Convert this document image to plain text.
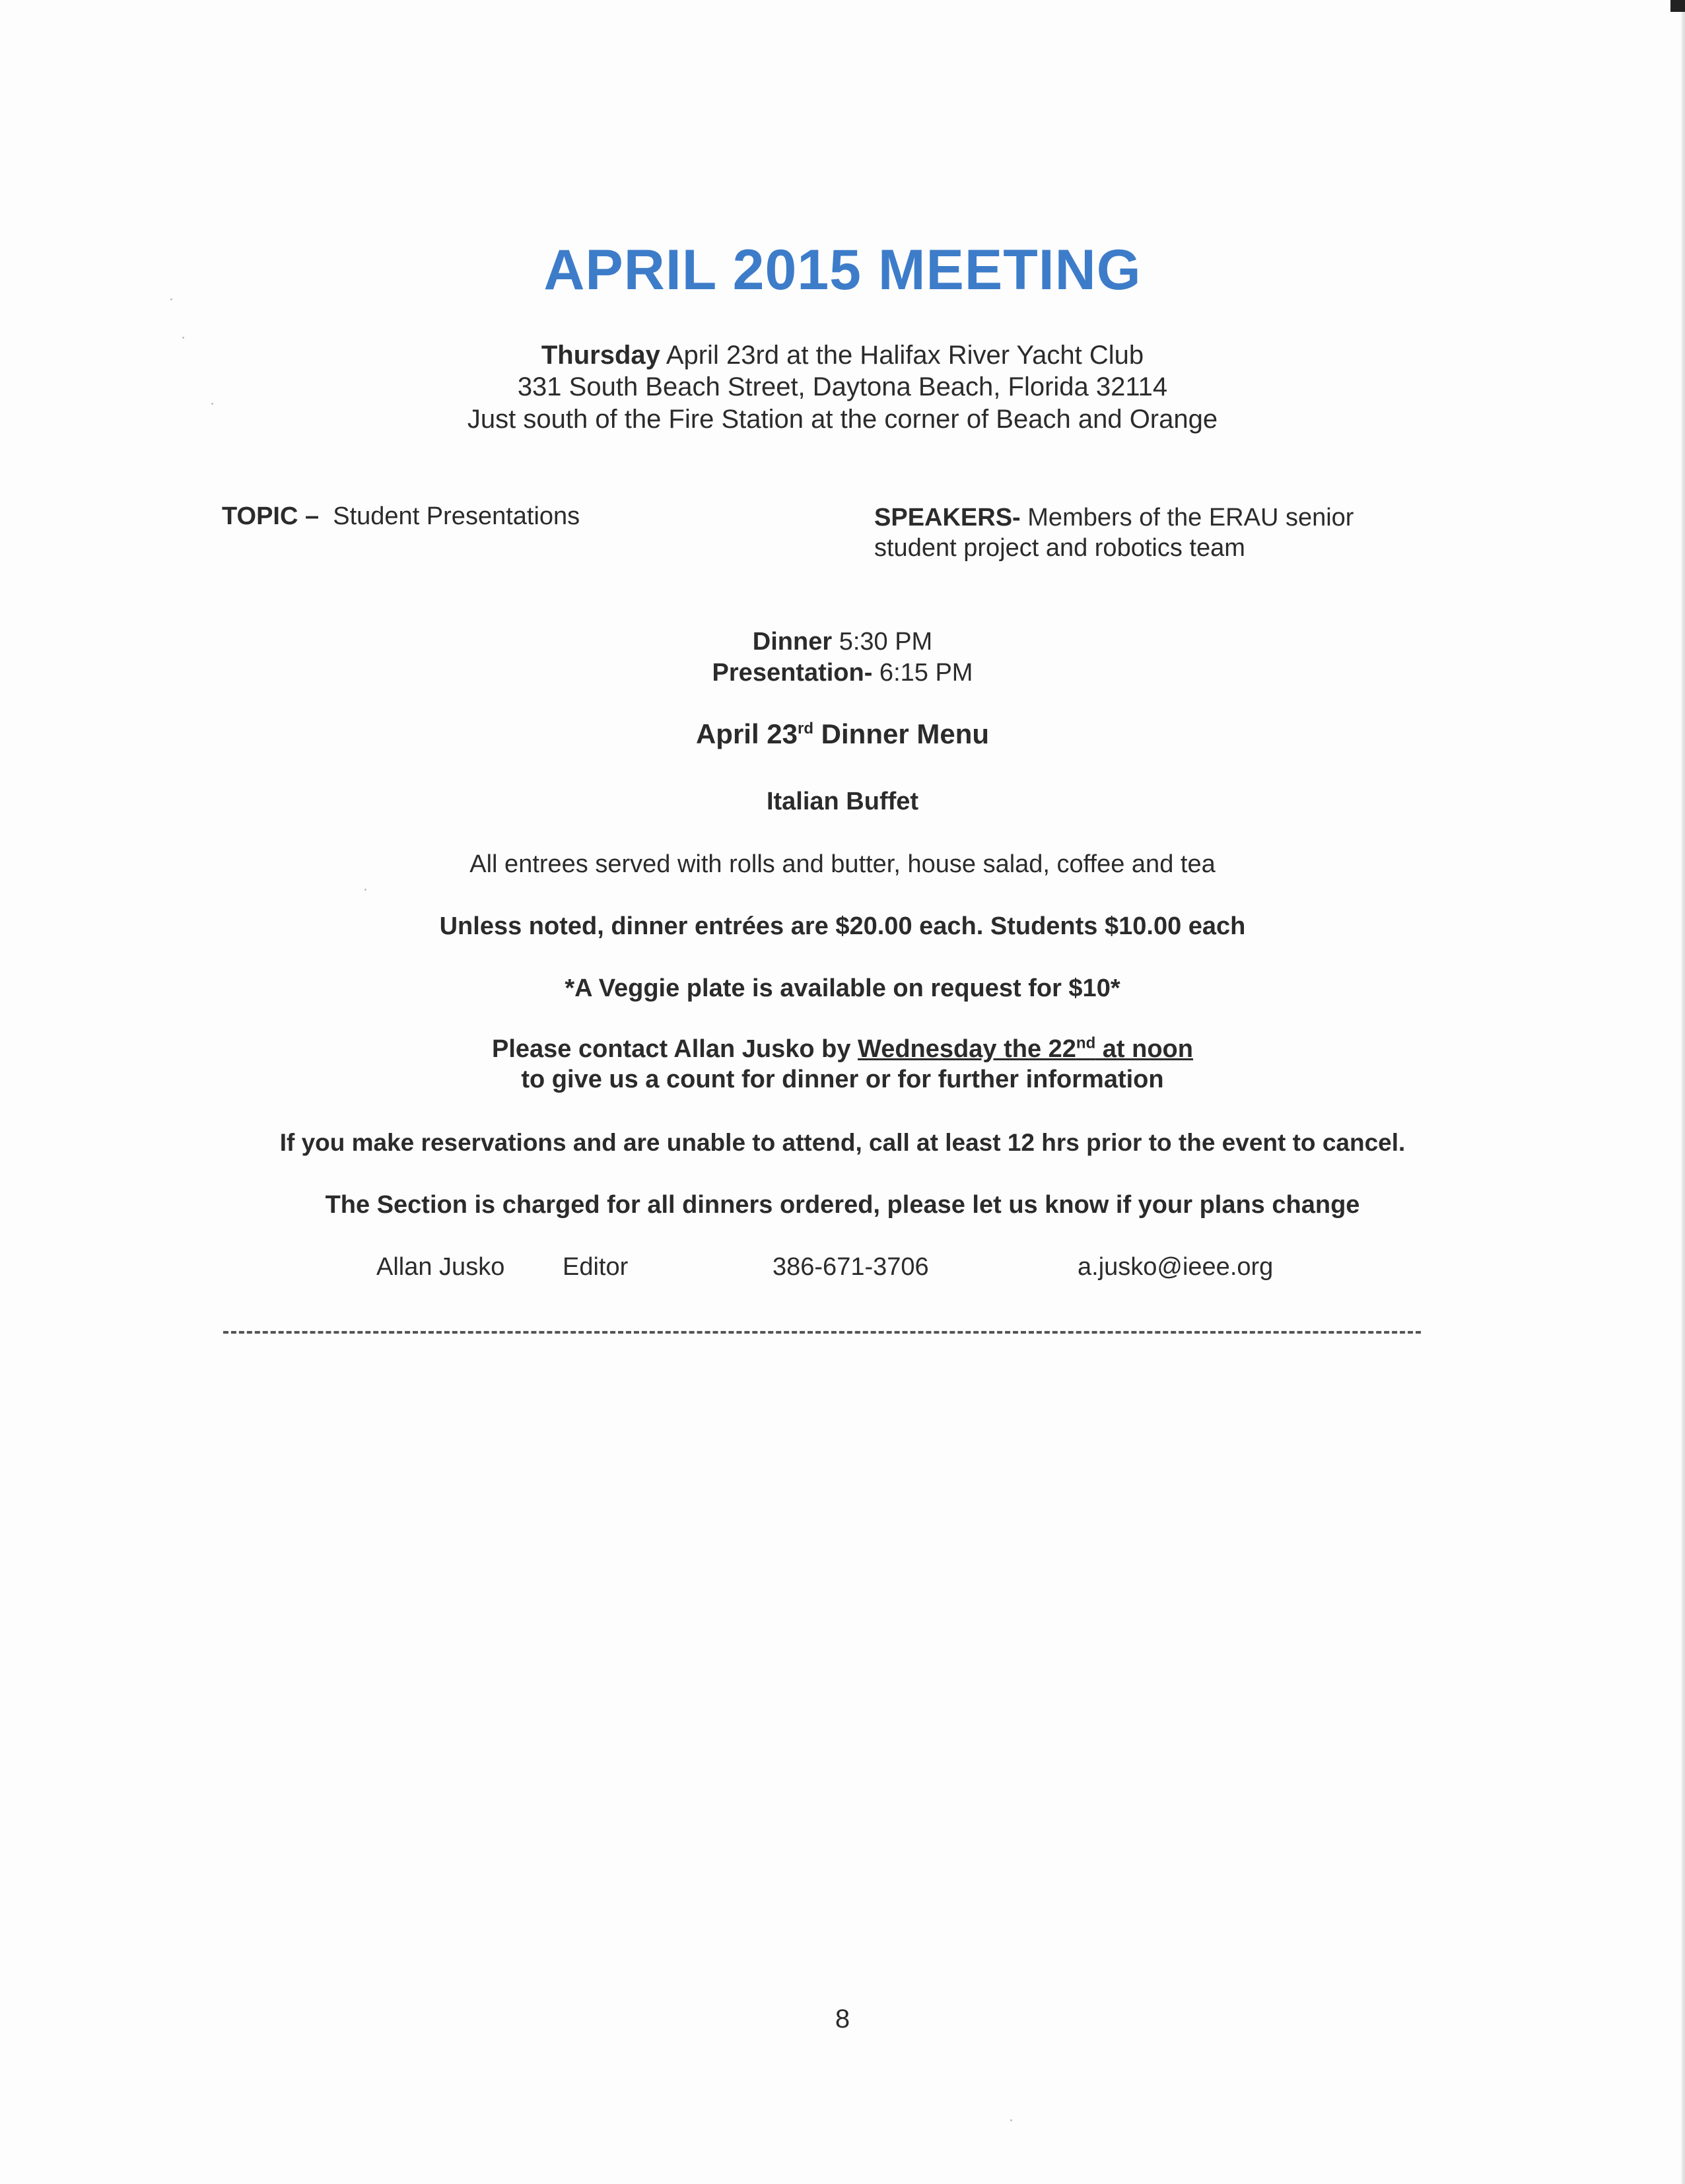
APRIL 2015 MEETING
Thursday April 23rd at the Halifax River Yacht Club
331 South Beach Street, Daytona Beach, Florida 32114
Just south of the Fire Station at the corner of Beach and Orange
TOPIC – Student Presentations	SPEAKERS- Members of the ERAU senior
student project and robotics team
Dinner 5:30 PM
Presentation- 6:15 PM
April 23rd Dinner Menu
Italian Buffet
All entrees served with rolls and butter, house salad, coffee and tea
Unless noted, dinner entrées are $20.00 each. Students $10.00 each
*A Veggie plate is available on request for $10*
Please contact Allan Jusko by Wednesday the 22nd at noon
to give us a count for dinner or for further information
If you make reservations and are unable to attend, call at least 12 hrs prior to the event to cancel.
The Section is charged for all dinners ordered, please let us know if your plans change
Allan Jusko Editor	386-671-3706	a.jusko@ieee.org
8
